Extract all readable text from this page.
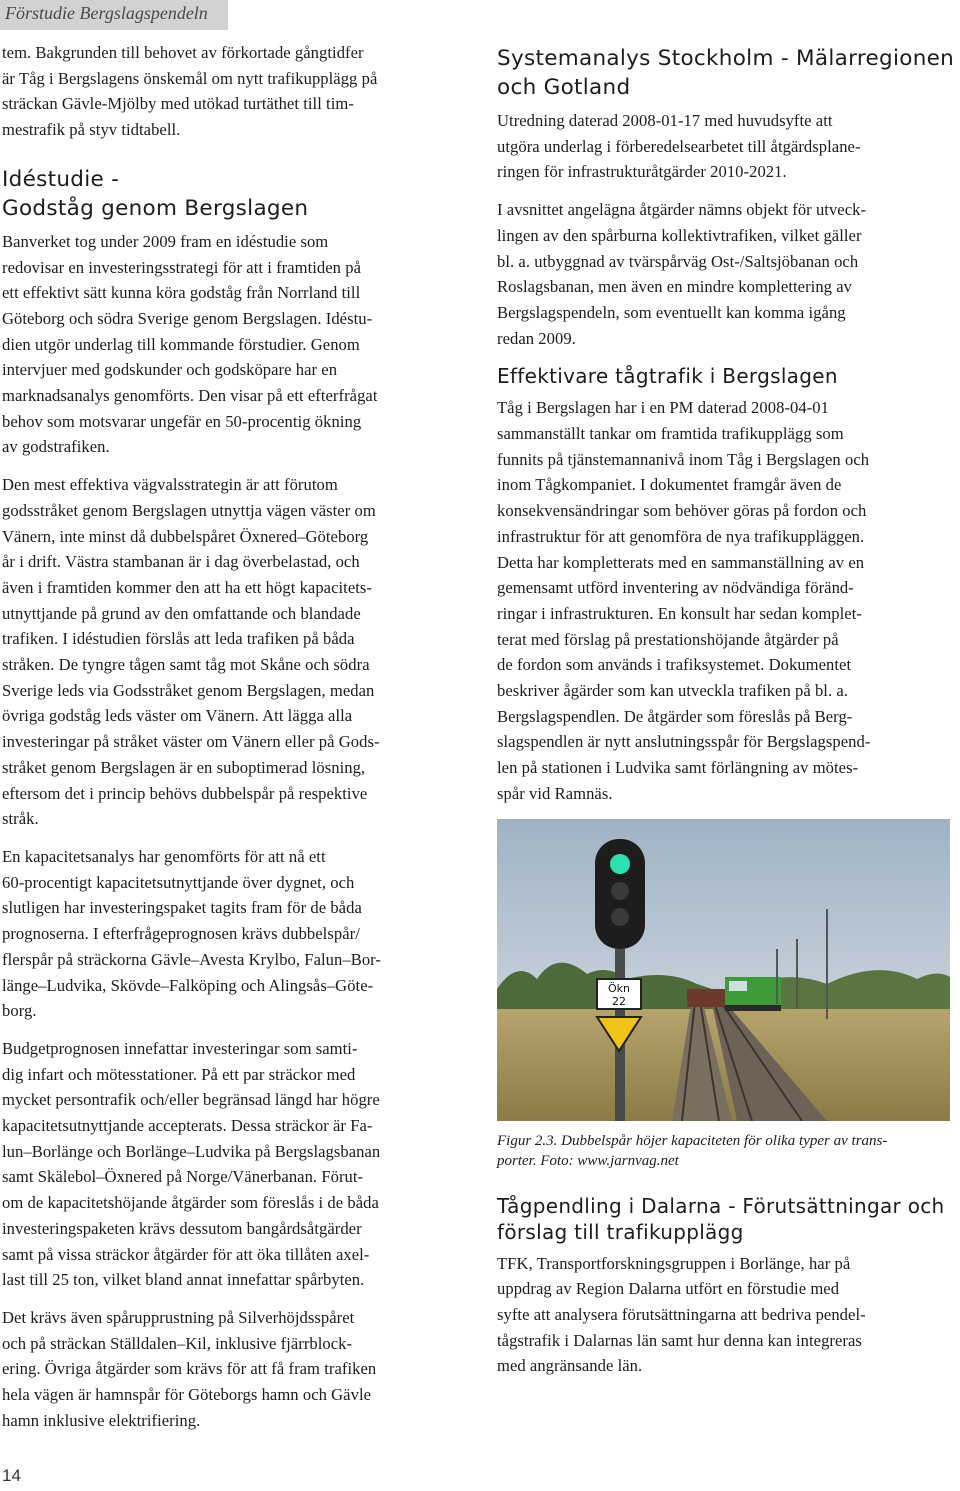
Förstudie Bergslagspendeln

tem. Bakgrunden till behovet av förkortade gångtidfer
är Tåg i Bergslagens önskemål om nytt trafikupplägg på
sträckan Gävle-Mjölby med utökad turtäthet till tim-
mestrafik på styv tidtabell.

Idéstudie -
Godståg genom Bergslagen

Banverket tog under 2009 fram en idéstudie som
redovisar en investeringsstrategi för att i framtiden på
ett effektivt sätt kunna köra godståg från Norrland till
Göteborg och södra Sverige genom Bergslagen. Idéstu-
dien utgör underlag till kommande förstudier. Genom
intervjuer med godskunder och godsköpare har en
marknadsanalys genomförts. Den visar på ett efterfrågat
behov som motsvarar ungefär en 50-procentig ökning
av godstrafiken.

Den mest effektiva vägvalsstrategin är att förutom
godsstråket genom Bergslagen utnyttja vägen väster om
Vänern, inte minst då dubbelspåret Öxnered–Göteborg
år i drift. Västra stambanan är i dag överbelastad, och
även i framtiden kommer den att ha ett högt kapacitets-
utnyttjande på grund av den omfattande och blandade
trafiken. I idéstudien förslås att leda trafiken på båda
stråken. De tyngre tågen samt tåg mot Skåne och södra
Sverige leds via Godsstråket genom Bergslagen, medan
övriga godståg leds väster om Vänern. Att lägga alla
investeringar på stråket väster om Vänern eller på Gods-
stråket genom Bergslagen är en suboptimerad lösning,
eftersom det i princip behövs dubbelspår på respektive
stråk.

En kapacitetsanalys har genomförts för att nå ett
60-procentigt kapacitetsutnyttjande över dygnet, och
slutligen har investeringspaket tagits fram för de båda
prognoserna. I efterfrågeprognosen krävs dubbelspår/
flerspår på sträckorna Gävle–Avesta Krylbo, Falun–Bor-
länge–Ludvika, Skövde–Falköping och Alingsås–Göte-
borg.

Budgetprognosen innefattar investeringar som samti-
dig infart och mötesstationer. På ett par sträckor med
mycket persontrafik och/eller begränsad längd har högre
kapacitetsutnyttjande accepterats. Dessa sträckor är Fa-
lun–Borlänge och Borlänge–Ludvika på Bergslagsbanan
samt Skälebol–Öxnered på Norge/Vänerbanan. Förut-
om de kapacitetshöjande åtgärder som föreslås i de båda
investeringspaketen krävs dessutom bangårdsåtgärder
samt på vissa sträckor åtgärder för att öka tillåten axel-
last till 25 ton, vilket bland annat innefattar spårbyten.

Det krävs även spårupprustning på Silverhöjdsspåret
och på sträckan Ställdalen–Kil, inklusive fjärrblock-
ering. Övriga åtgärder som krävs för att få fram trafiken
hela vägen är hamnspår för Göteborgs hamn och Gävle
hamn inklusive elektrifiering.

Systemanalys Stockholm - Mälarregionen
och Gotland

Utredning daterad 2008-01-17 med huvudsyfte att
utgöra underlag i förberedelsearbetet till åtgärdsplane-
ringen för infrastrukturåtgärder 2010-2021.

I avsnittet angelägna åtgärder nämns objekt för utveck-
lingen av den spårburna kollektivtrafiken, vilket gäller
bl. a. utbyggnad av tvärspårväg Ost-/Saltsjöbanan och
Roslagsbanan, men även en mindre komplettering av
Bergslagspendeln, som eventuellt kan komma igång
redan 2009.

Effektivare tågtrafik i Bergslagen

Tåg i Bergslagen har i en PM daterad 2008-04-01
sammanställt tankar om framtida trafikupplägg som
funnits på tjänstemannanivå inom Tåg i Bergslagen och
inom Tågkompaniet. I dokumentet framgår även de
konsekvensändringar som behöver göras på fordon och
infrastruktur för att genomföra de nya trafikuppläggen.
Detta har kompletterats med en sammanställning av en
gemensamt utförd inventering av nödvändiga föränd-
ringar i infrastrukturen. En konsult har sedan komplet-
terat med förslag på prestationshöjande åtgärder på
de fordon som används i trafiksystemet. Dokumentet
beskriver ågärder som kan utveckla trafiken på bl. a.
Bergslagspendlen. De åtgärder som föreslås på Berg-
slagspendlen är nytt anslutningsspår för Bergslagspend-
len på stationen i Ludvika samt förlängning av mötes-
spår vid Ramnäs.

Ökn
22
Figur 2.3. Dubbelspår höjer kapaciteten för olika typer av trans-
porter. Foto: www.jarnvag.net
Tågpendling i Dalarna - Förutsättningar och
förslag till trafikupplägg

TFK, Transportforskningsgruppen i Borlänge, har på
uppdrag av Region Dalarna utfört en förstudie med
syfte att analysera förutsättningarna att bedriva pendel-
tågstrafik i Dalarnas län samt hur denna kan integreras
med angränsande län.

14
